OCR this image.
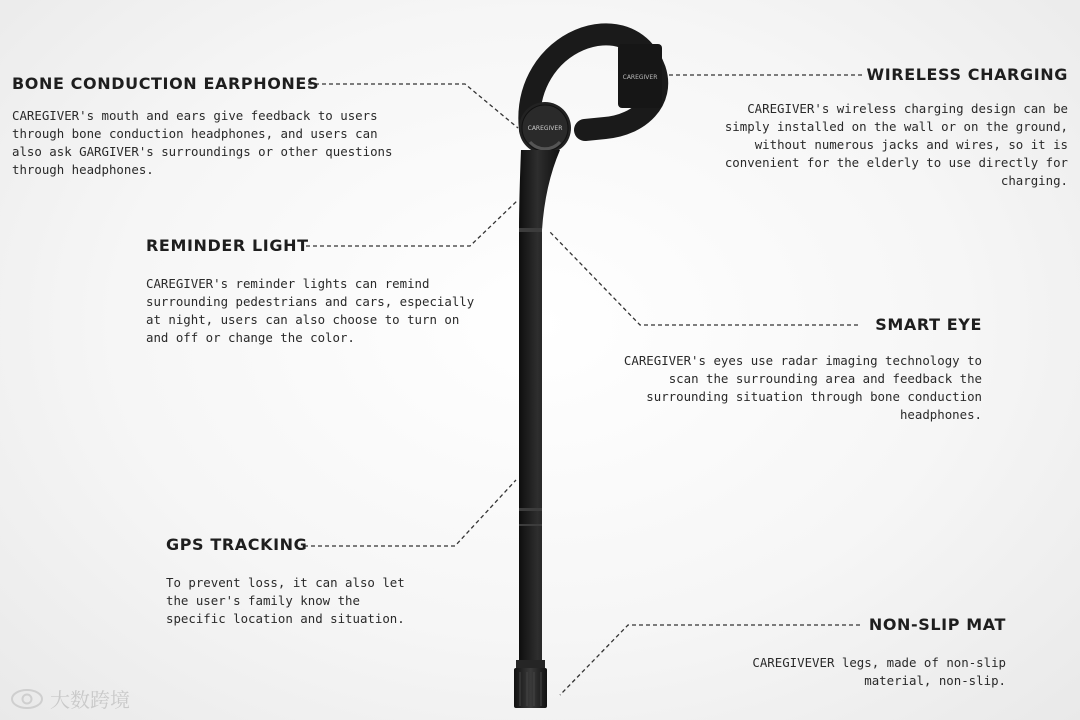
CAREGIVER
CAREGIVER

BONE CONDUCTION EARPHONES

CAREGIVER's mouth and ears give feedback to users through bone conduction headphones, and users can also ask GARGIVER's surroundings or other questions through headphones.

REMINDER LIGHT

CAREGIVER's reminder lights can remind surrounding pedestrians and cars, especially at night, users can also choose to turn on and off or change the color.

GPS TRACKING

To prevent loss, it can also let the user's family know the specific location and situation.

WIRELESS CHARGING

CAREGIVER's wireless charging design can be simply installed on the wall or on the ground, without numerous jacks and wires, so it is convenient for the elderly to use directly for charging.

SMART EYE

CAREGIVER's eyes use radar imaging technology to scan the surrounding area and feedback the surrounding situation through bone conduction headphones.

NON-SLIP MAT

CAREGIVEVER legs, made of non-slip material, non-slip.

大数跨境
